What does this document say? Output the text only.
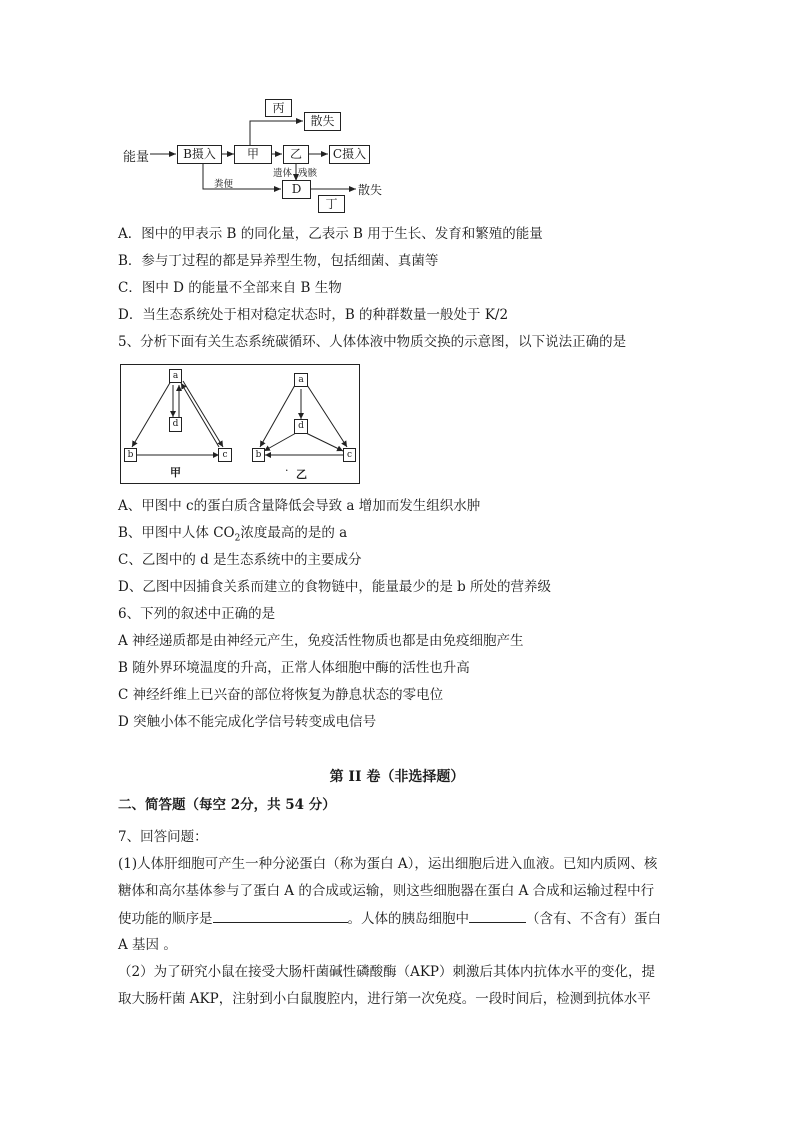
能量	B摄入	甲	乙	C摄入
丙
散失
粪便
遗体 残骸
D	散失
丁
A．图中的甲表示 B 的同化量，乙表示 B 用于生长、发育和繁殖的能量
B．参与丁过程的都是异养型生物，包括细菌、真菌等
C．图中 D 的能量不全部来自 B 生物
D．当生态系统处于相对稳定状态时，B 的种群数量一般处于 K/2
5、分析下面有关生态系统碳循环、人体体液中物质交换的示意图，以下说法正确的是
a
d
b	c
甲
a
d
b	c
· 乙
A、甲图中 c的蛋白质含量降低会导致 a 增加而发生组织水肿
B、甲图中人体 $CO_2$浓度最高的是的 a
C、乙图中的 d 是生态系统中的主要成分
D、乙图中因捕食关系而建立的食物链中，能量最少的是 b 所处的营养级
6、下列的叙述中正确的是
A 神经递质都是由神经元产生，免疫活性物质也都是由免疫细胞产生
B 随外界环境温度的升高，正常人体细胞中酶的活性也升高
C 神经纤维上已兴奋的部位将恢复为静息状态的零电位
D 突触小体不能完成化学信号转变成电信号
第 II 卷（非选择题）
二、简答题（每空 2分，共 54 分）
7、回答问题：
(1)人体肝细胞可产生一种分泌蛋白（称为蛋白 A），运出细胞后进入血液。已知内质网、核
糖体和高尔基体参与了蛋白 A 的合成或运输，则这些细胞器在蛋白 A 合成和运输过程中行
使功能的顺序是	。人体的胰岛细胞中	（含有、不含有）蛋白
A 基因 。
（2）为了研究小鼠在接受大肠杆菌碱性磷酸酶（AKP）刺激后其体内抗体水平的变化，提
取大肠杆菌 AKP，注射到小白鼠腹腔内，进行第一次免疫。一段时间后，检测到抗体水平
